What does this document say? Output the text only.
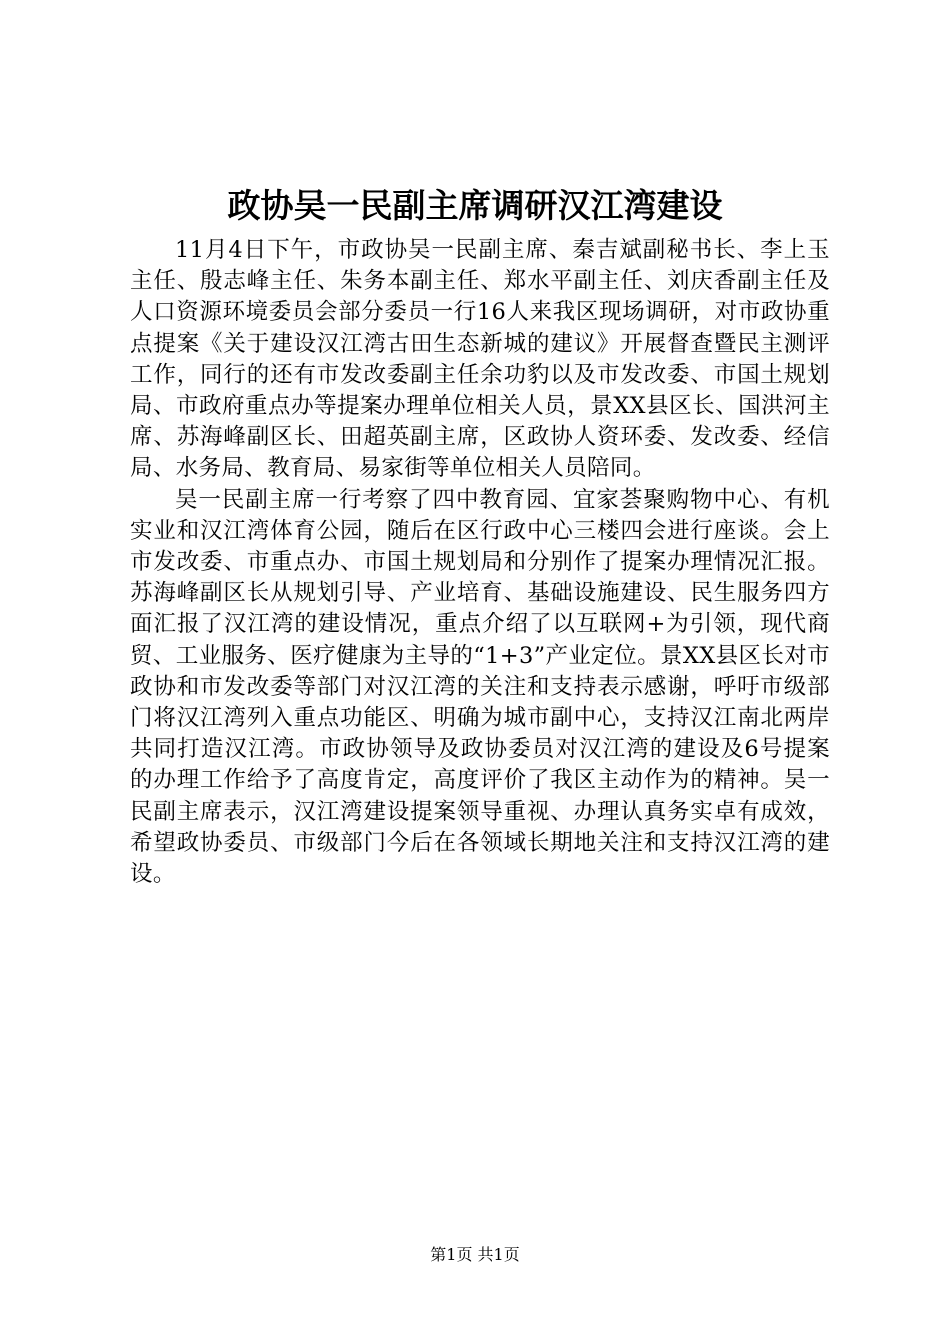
政协吴一民副主席调研汉江湾建设

11月4日下午，市政协吴一民副主席、秦吉斌副秘书长、李上玉主任、殷志峰主任、朱务本副主任、郑水平副主任、刘庆香副主任及人口资源环境委员会部分委员一行16人来我区现场调研，对市政协重点提案《关于建设汉江湾古田生态新城的建议》开展督查暨民主测评工作，同行的还有市发改委副主任余功豹以及市发改委、市国土规划局、市政府重点办等提案办理单位相关人员，景XX县区长、国洪河主席、苏海峰副区长、田超英副主席，区政协人资环委、发改委、经信局、水务局、教育局、易家街等单位相关人员陪同。

吴一民副主席一行考察了四中教育园、宜家荟聚购物中心、有机实业和汉江湾体育公园，随后在区行政中心三楼四会进行座谈。会上市发改委、市重点办、市国土规划局和分别作了提案办理情况汇报。苏海峰副区长从规划引导、产业培育、基础设施建设、民生服务四方面汇报了汉江湾的建设情况，重点介绍了以互联网+为引领，现代商贸、工业服务、医疗健康为主导的“1+3”产业定位。景XX县区长对市政协和市发改委等部门对汉江湾的关注和支持表示感谢，呼吁市级部门将汉江湾列入重点功能区、明确为城市副中心，支持汉江南北两岸共同打造汉江湾。市政协领导及政协委员对汉江湾的建设及6号提案的办理工作给予了高度肯定，高度评价了我区主动作为的精神。吴一民副主席表示，汉江湾建设提案领导重视、办理认真务实卓有成效，希望政协委员、市级部门今后在各领域长期地关注和支持汉江湾的建设。

第1页 共1页
